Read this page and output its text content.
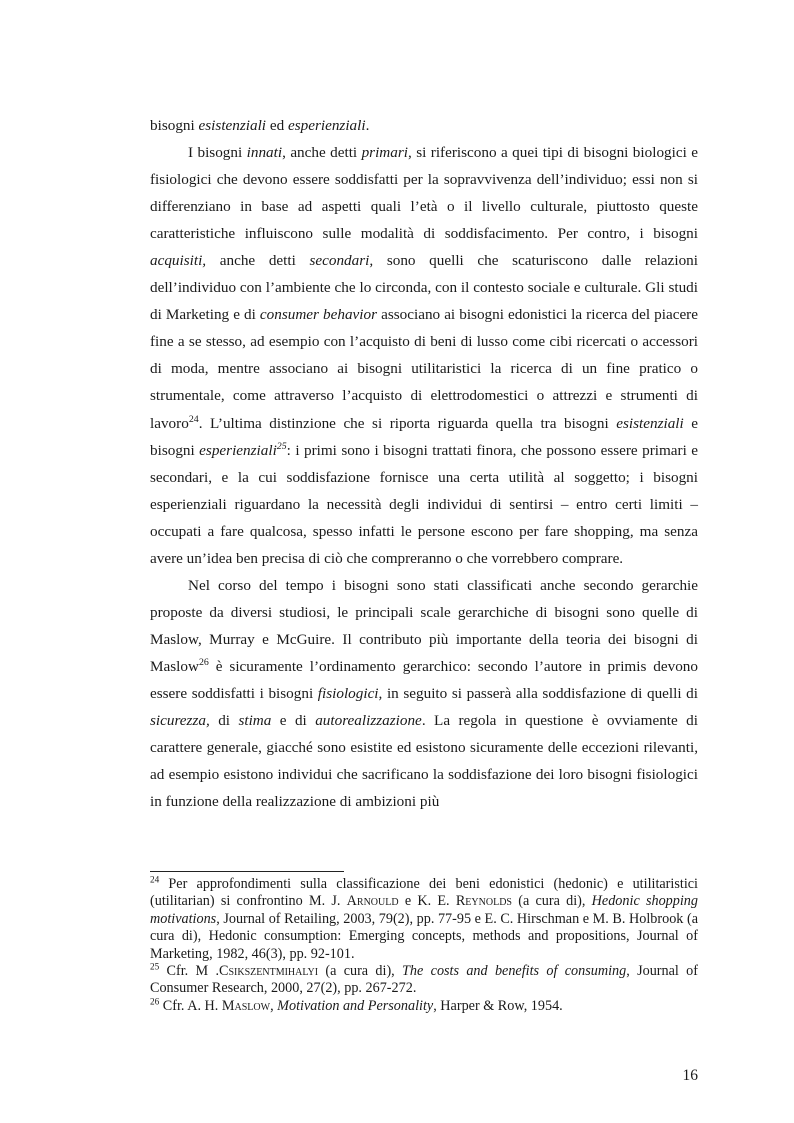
bisogni esistenziali ed esperienziali.

I bisogni innati, anche detti primari, si riferiscono a quei tipi di bisogni biologici e fisiologici che devono essere soddisfatti per la sopravvivenza dell’individuo; essi non si differenziano in base ad aspetti quali l’età o il livello culturale, piuttosto queste caratteristiche influiscono sulle modalità di soddisfacimento. Per contro, i bisogni acquisiti, anche detti secondari, sono quelli che scaturiscono dalle relazioni dell’individuo con l’ambiente che lo circonda, con il contesto sociale e culturale. Gli studi di Marketing e di consumer behavior associano ai bisogni edonistici la ricerca del piacere fine a se stesso, ad esempio con l’acquisto di beni di lusso come cibi ricercati o accessori di moda, mentre associano ai bisogni utilitaristici la ricerca di un fine pratico o strumentale, come attraverso l’acquisto di elettrodomestici o attrezzi e strumenti di lavoro$^{24}$. L’ultima distinzione che si riporta riguarda quella tra bisogni esistenziali e bisogni esperienziali$^{25}$: i primi sono i bisogni trattati finora, che possono essere primari e secondari, e la cui soddisfazione fornisce una certa utilità al soggetto; i bisogni esperienziali riguardano la necessità degli individui di sentirsi – entro certi limiti – occupati a fare qualcosa, spesso infatti le persone escono per fare shopping, ma senza avere un’idea ben precisa di ciò che compreranno o che vorrebbero comprare.

Nel corso del tempo i bisogni sono stati classificati anche secondo gerarchie proposte da diversi studiosi, le principali scale gerarchiche di bisogni sono quelle di Maslow, Murray e McGuire. Il contributo più importante della teoria dei bisogni di Maslow$^{26}$ è sicuramente l’ordinamento gerarchico: secondo l’autore in primis devono essere soddisfatti i bisogni fisiologici, in seguito si passerà alla soddisfazione di quelli di sicurezza, di stima e di autorealizzazione. La regola in questione è ovviamente di carattere generale, giacché sono esistite ed esistono sicuramente delle eccezioni rilevanti, ad esempio esistono individui che sacrificano la soddisfazione dei loro bisogni fisiologici in funzione della realizzazione di ambizioni più

$^{24}$ Per approfondimenti sulla classificazione dei beni edonistici (hedonic) e utilitaristici (utilitarian) si confrontino M. J. Arnould e K. E. Reynolds (a cura di), Hedonic shopping motivations, Journal of Retailing, 2003, 79(2), pp. 77-95 e E. C. Hirschman e M. B. Holbrook (a cura di), Hedonic consumption: Emerging concepts, methods and propositions, Journal of Marketing, 1982, 46(3), pp. 92-101.

$^{25}$ Cfr. M .Csikszentmihalyi (a cura di), The costs and benefits of consuming, Journal of Consumer Research, 2000, 27(2), pp. 267-272.

$^{26}$ Cfr. A. H. Maslow, Motivation and Personality, Harper & Row, 1954.

16
